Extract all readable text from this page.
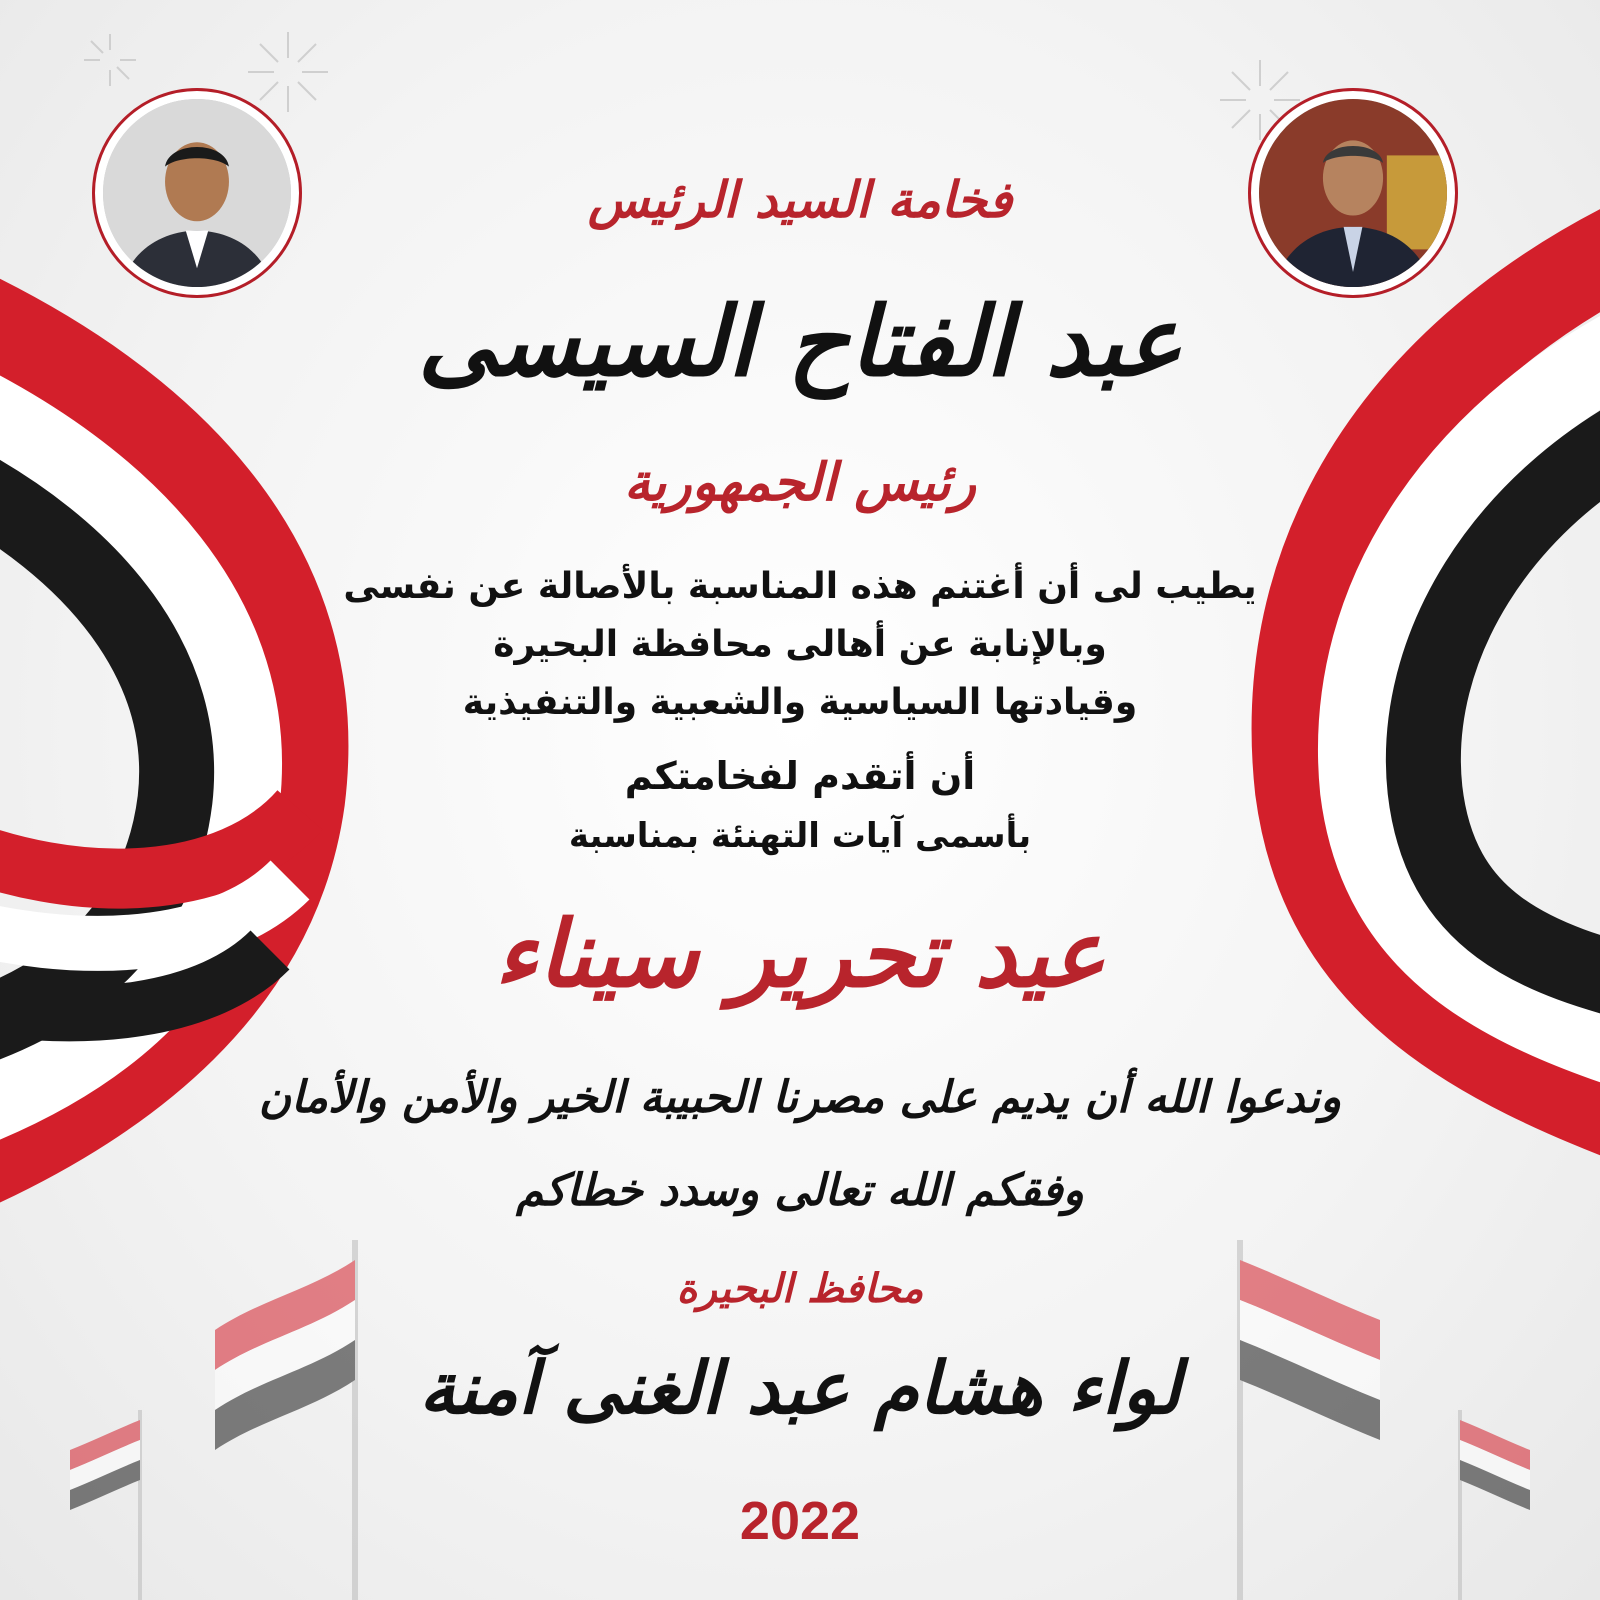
فخامة السيد الرئيس
عبد الفتاح السيسى
رئيس الجمهورية
يطيب لى أن أغتنم هذه المناسبة بالأصالة عن نفسى
وبالإنابة عن أهالى محافظة البحيرة
وقيادتها السياسية والشعبية والتنفيذية
أن أتقدم لفخامتكم
بأسمى آيات التهنئة بمناسبة
عيد تحرير سيناء
وندعوا الله أن يديم على مصرنا الحبيبة الخير والأمن والأمان
وفقكم الله تعالى وسدد خطاكم
محافظ البحيرة
لواء هشام عبد الغنى آمنة
2022
